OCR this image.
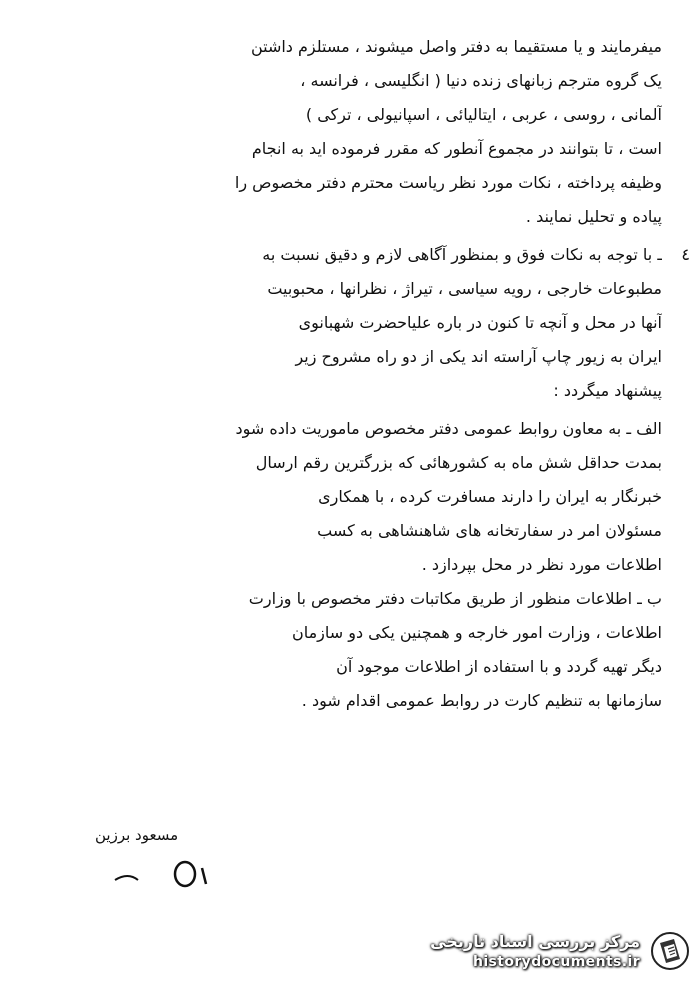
میفرمایند و یا مستقیما به دفتر واصل میشوند ، مستلزم داشتن
یک گروه مترجم زبانهای زنده دنیا ( انگلیسی ، فرانسه ،
آلمانی ، روسی ، عربی ، ایتالیائی ، اسپانیولی ، ترکی )
است ، تا بتوانند در مجموع آنطور که مقرر فرموده اید به انجام
وظیفه پرداخته ، نکات مورد نظر ریاست محترم دفتر مخصوص را
پیاده و تحلیل نمایند .
٤
ـ با توجه به نکات فوق و بمنظور آگاهی لازم و دقیق نسبت به
مطبوعات خارجی ، رویه سیاسی ، تیراژ ، نظرانها ، محبوبیت
آنها در محل و آنچه تا کنون در باره علیاحضرت شهبانوی
ایران به زیور چاپ آراسته اند یکی از دو راه مشروح زیر
پیشنهاد میگردد :
الف ـ به معاون روابط عمومی دفتر مخصوص ماموریت داده شود
بمدت حداقل شش ماه به کشورهائی که بزرگترین رقم ارسال
خبرنگار به ایران را دارند مسافرت کرده ، با همکاری
مسئولان امر در سفارتخانه های شاهنشاهی به کسب
اطلاعات مورد نظر در محل بپردازد .
ب ـ اطلاعات منظور از طریق مکاتبات دفتر مخصوص با وزارت
اطلاعات ، وزارت امور خارجه و همچنین یکی دو سازمان
دیگر تهیه گردد و با استفاده از اطلاعات موجود آن
سازمانها به تنظیم کارت در روابط عمومی اقدام شود .
مسعود برزین
مرکز بررسی اسناد تاریخی
historydocuments.ir
